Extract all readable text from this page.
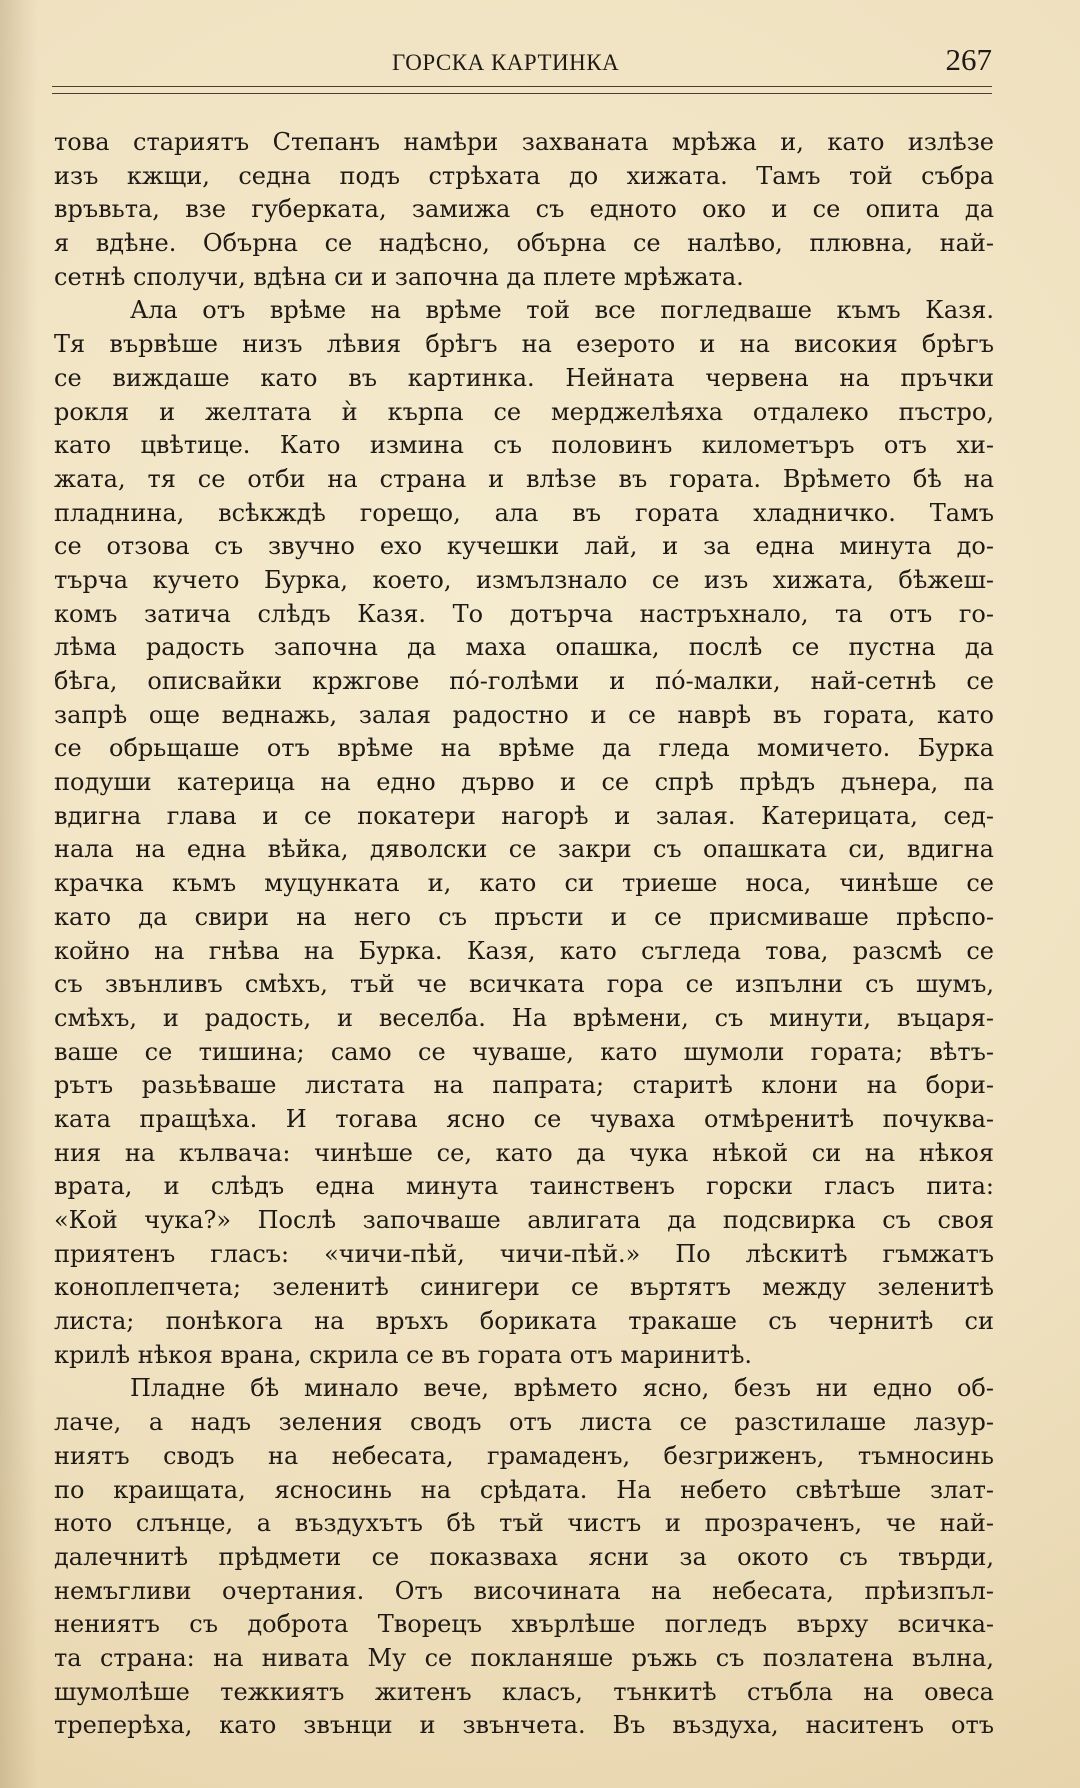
ГОРСКА КАРТИНКА	267
това стариятъ Степанъ намѣри захваната мрѣжа и, като излѣзе
изъ кжщи, седна подъ стрѣхата до хижата. Тамъ той събра
връвьта, взе губерката, замижа съ едното око и се опита да
я вдѣне. Обърна се надѣсно, обърна се налѣво, плювна, най-
сетнѣ сполучи, вдѣна си и започна да плете мрѣжата.
Ала отъ врѣме на врѣме той все погледваше къмъ Казя.
Тя вървѣше низъ лѣвия брѣгъ на езерото и на високия брѣгъ
се виждаше като въ картинка. Нейната червена на пръчки
рокля и желтата ѝ кърпа се мерджелѣяха отдалеко пъстро,
като цвѣтице. Като измина съ половинъ километъръ отъ хи-
жата, тя се отби на страна и влѣзе въ гората. Врѣмето бѣ на
пладнина, всѣкждѣ горещо, ала въ гората хладничко. Тамъ
се отзова съ звучно ехо кучешки лай, и за една минута до-
търча кучето Бурка, което, измълзнало се изъ хижата, бѣжеш-
комъ затича слѣдъ Казя. То дотърча настръхнало, та отъ го-
лѣма радость започна да маха опашка, послѣ се пустна да
бѣга, описвайки кржгове по́-голѣми и по́-малки, най-сетнѣ се
запрѣ още веднажь, залая радостно и се наврѣ въ гората, като
се обрьщаше отъ врѣме на врѣме да гледа момичето. Бурка
подуши катерица на едно дърво и се спрѣ прѣдъ дънера, па
вдигна глава и се покатери нагорѣ и залая. Катерицата, сед-
нала на една вѣйка, дяволски се закри съ опашката си, вдигна
крачка къмъ муцунката и, като си триеше носа, чинѣше се
като да свири на него съ пръсти и се присмиваше прѣспо-
койно на гнѣва на Бурка. Казя, като съгледа това, разсмѣ се
съ звънливъ смѣхъ, тъй че всичката гора се изпълни съ шумъ,
смѣхъ, и радость, и веселба. На врѣмени, съ минути, въцаря-
ваше се тишина; само се чуваше, като шумоли гората; вѣтъ-
рътъ разьѣваше листата на папрата; старитѣ клони на бори-
ката пращѣха. И тогава ясно се чуваха отмѣренитѣ почуква-
ния на кълвача: чинѣше се, като да чука нѣкой си на нѣкоя
врата, и слѣдъ една минута таинственъ горски гласъ пита:
«Кой чука?» Послѣ започваше авлигата да подсвирка съ своя
приятенъ гласъ: «чичи-пѣй, чичи-пѣй.» По лѣскитѣ гъмжатъ
коноплепчета; зеленитѣ синигери се въртятъ между зеленитѣ
листа; понѣкога на връхъ бориката тракаше съ чернитѣ си
крилѣ нѣкоя врана, скрила се въ гората отъ маринитѣ.
Пладне бѣ минало вече, врѣмето ясно, безъ ни едно об-
лаче, а надъ зеления сводъ отъ листа се разстилаше лазур-
ниятъ сводъ на небесата, грамаденъ, безгриженъ, тъмносинь
по краищата, ясносинь на срѣдата. На небето свѣтѣше злат-
ното слънце, а въздухътъ бѣ тъй чистъ и прозраченъ, че най-
далечнитѣ прѣдмети се показваха ясни за окото съ твърди,
немъгливи очертания. Отъ височината на небесата, прѣизпъл-
нениятъ съ доброта Творецъ хвърлѣше погледъ върху всичка-
та страна: на нивата Му се покланяше ръжь съ позлатена вълна,
шумолѣше тежкиятъ житенъ класъ, тънкитѣ стъбла на овеса
треперѣха, като звънци и звънчета. Въ въздуха, наситенъ отъ
